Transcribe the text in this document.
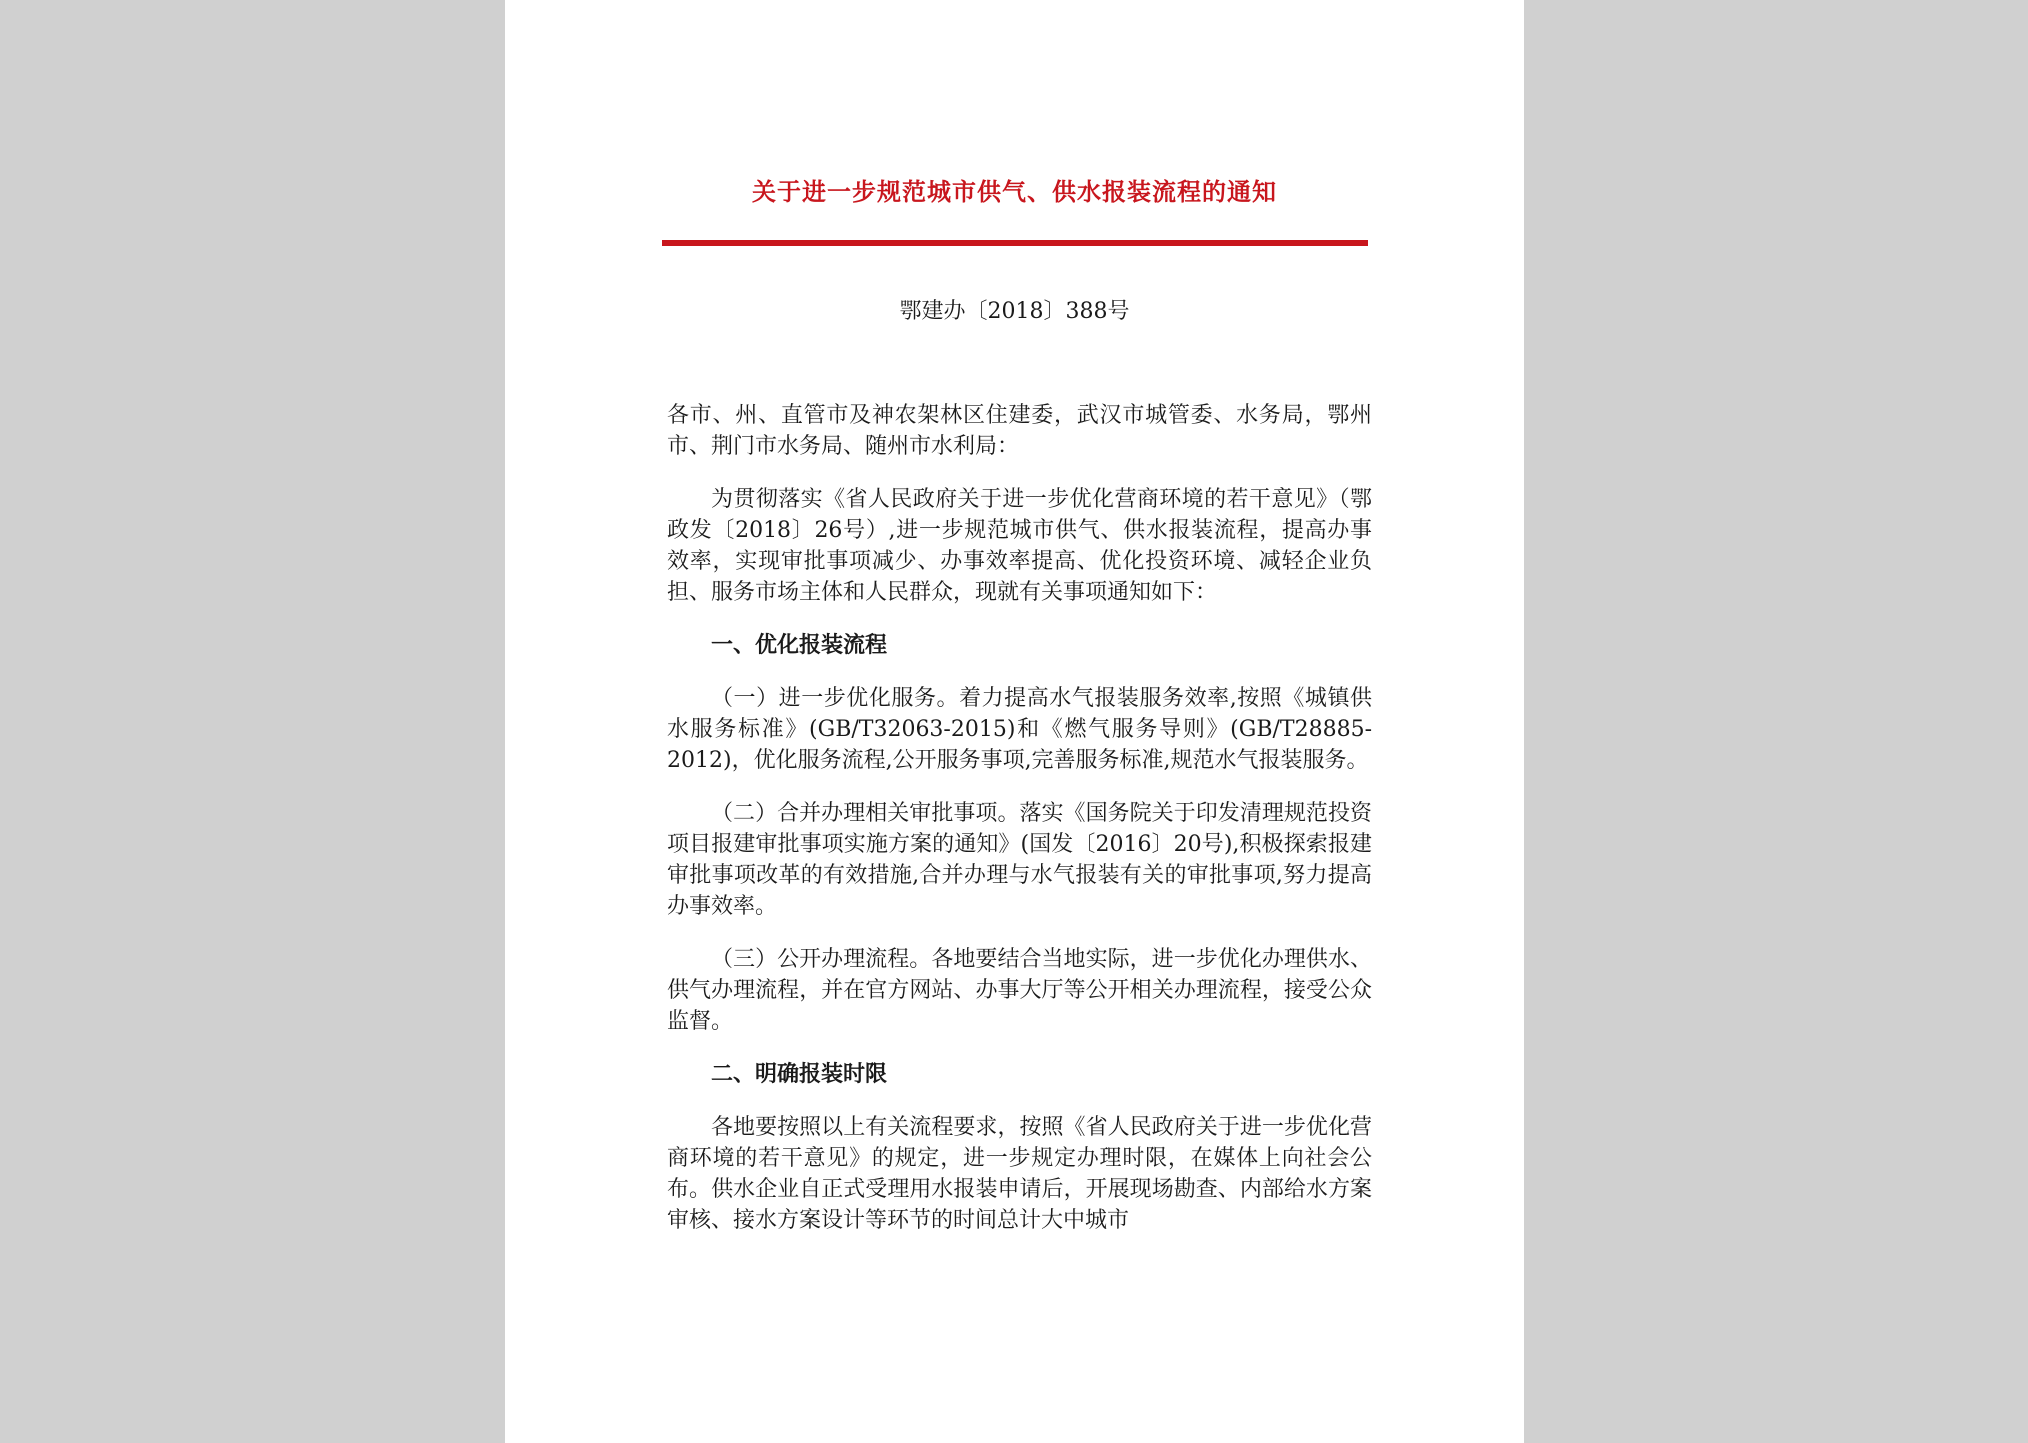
关于进一步规范城市供气、供水报装流程的通知
鄂建办〔2018〕388号

各市、州、直管市及神农架林区住建委，武汉市城管委、水务局，鄂州市、荆门市水务局、随州市水利局：

为贯彻落实《省人民政府关于进一步优化营商环境的若干意见》（鄂政发〔2018〕26号）,进一步规范城市供气、供水报装流程，提高办事效率，实现审批事项减少、办事效率提高、优化投资环境、减轻企业负担、服务市场主体和人民群众，现就有关事项通知如下：

一、优化报装流程

（一）进一步优化服务。着力提高水气报装服务效率,按照《城镇供水服务标准》(GB/T32063-2015)和《燃气服务导则》(GB/T28885-2012)，优化服务流程,公开服务事项,完善服务标准,规范水气报装服务。

（二）合并办理相关审批事项。落实《国务院关于印发清理规范投资项目报建审批事项实施方案的通知》(国发〔2016〕20号),积极探索报建审批事项改革的有效措施,合并办理与水气报装有关的审批事项,努力提高办事效率。

（三）公开办理流程。各地要结合当地实际，进一步优化办理供水、供气办理流程，并在官方网站、办事大厅等公开相关办理流程，接受公众监督。

二、明确报装时限

各地要按照以上有关流程要求，按照《省人民政府关于进一步优化营商环境的若干意见》的规定，进一步规定办理时限，在媒体上向社会公布。供水企业自正式受理用水报装申请后，开展现场勘查、内部给水方案审核、接水方案设计等环节的时间总计大中城市
